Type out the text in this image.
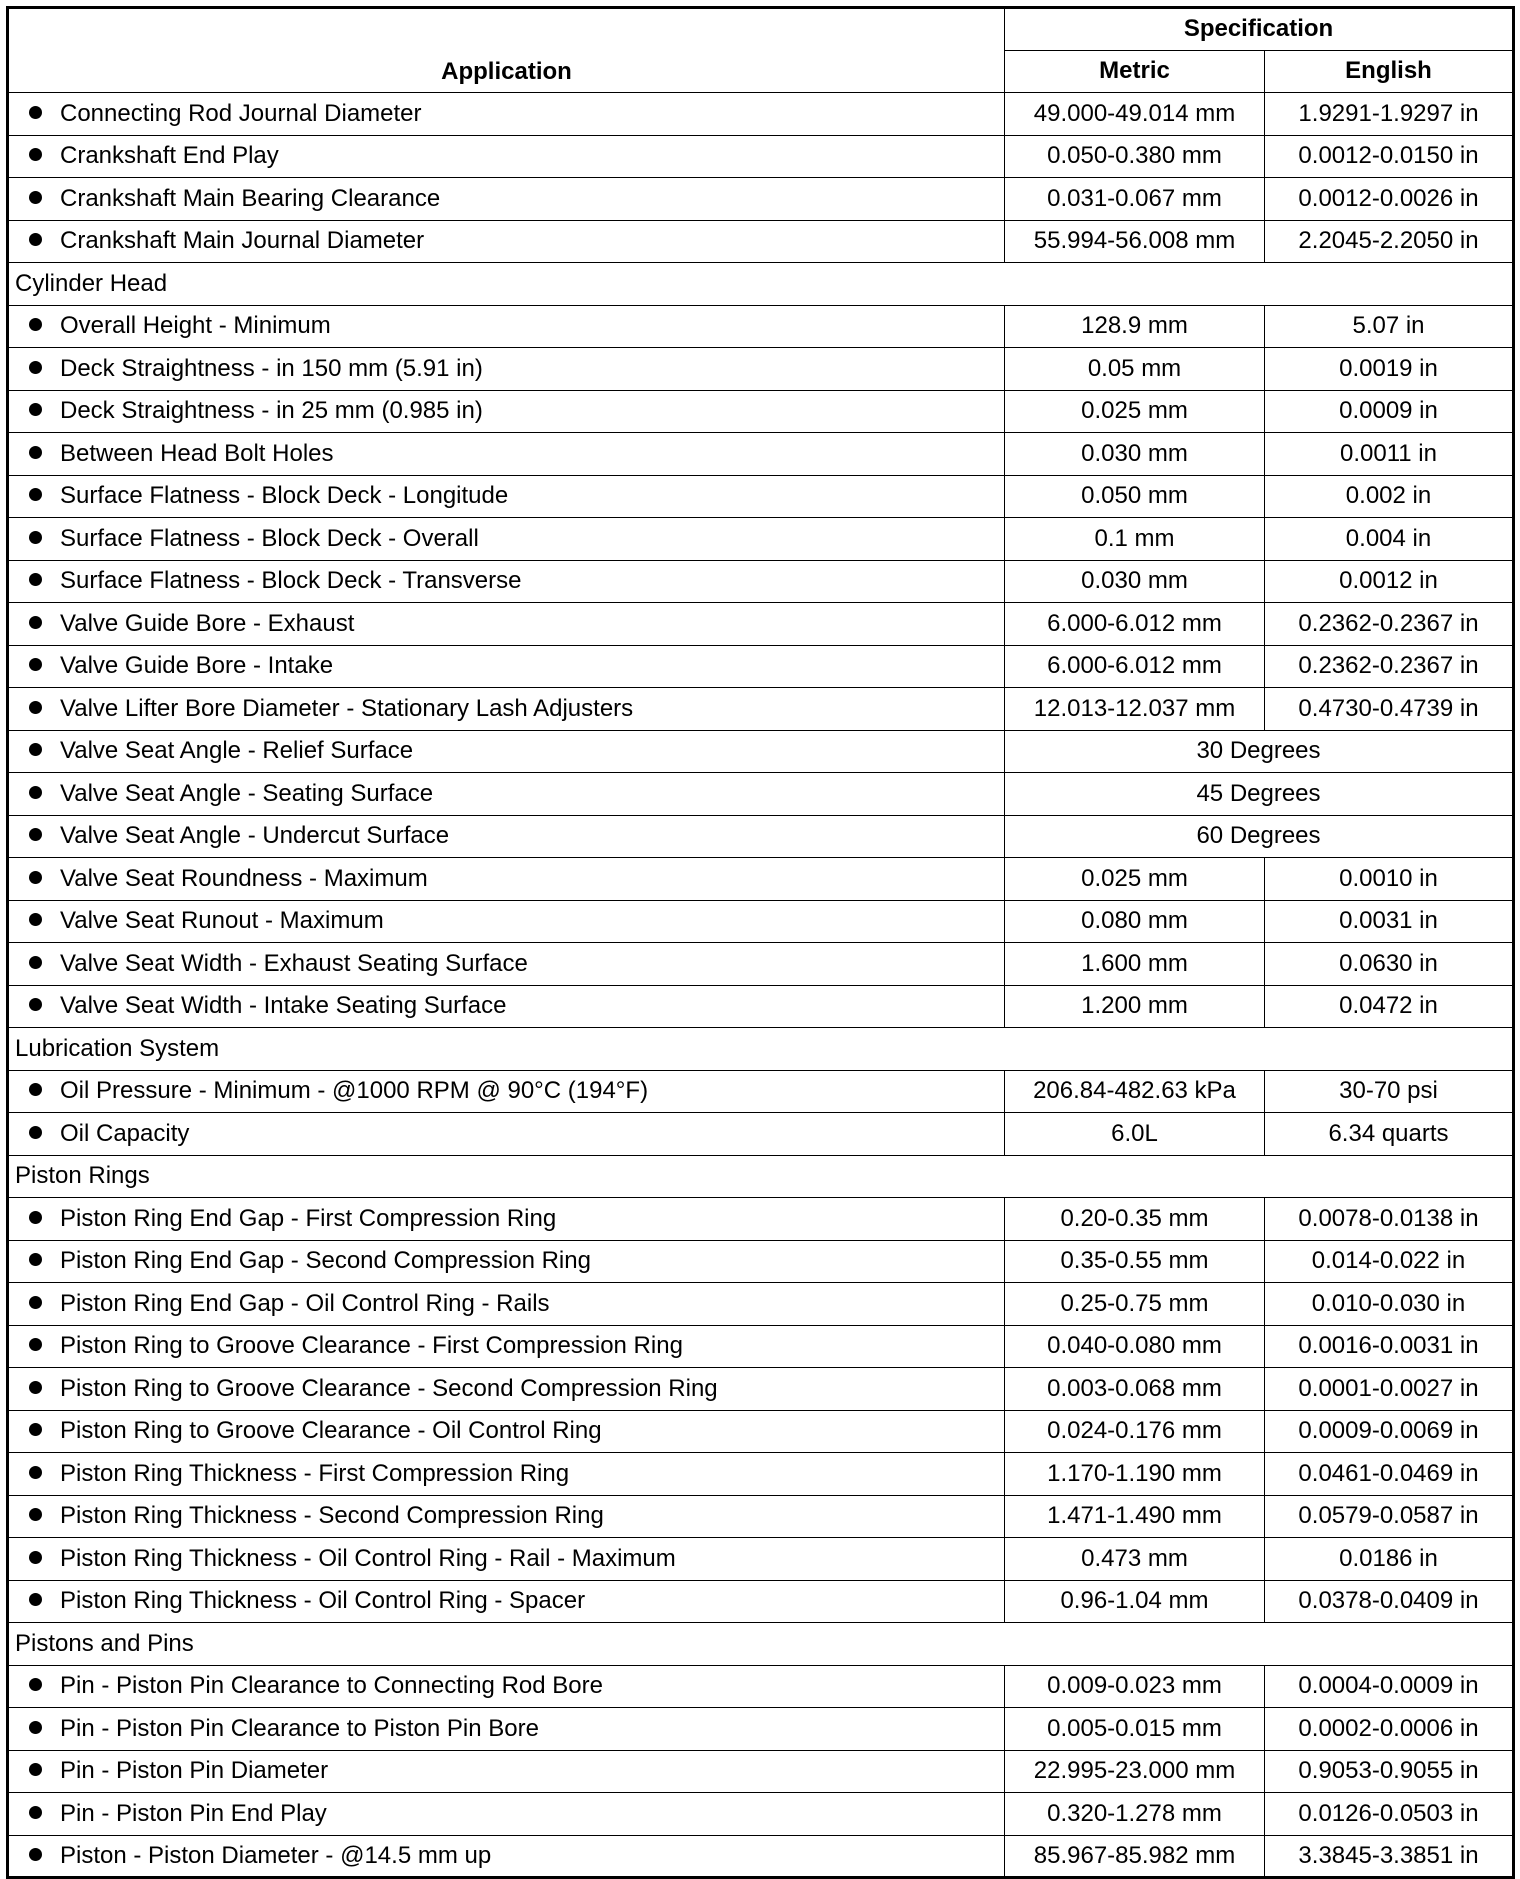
Application	Specification	
	Metric	English
Connecting Rod Journal Diameter	49.000-49.014 mm	1.9291-1.9297 in
Crankshaft End Play	0.050-0.380 mm	0.0012-0.0150 in
Crankshaft Main Bearing Clearance	0.031-0.067 mm	0.0012-0.0026 in
Crankshaft Main Journal Diameter	55.994-56.008 mm	2.2045-2.2050 in
Cylinder Head		
Overall Height - Minimum	128.9 mm	5.07 in
Deck Straightness - in 150 mm (5.91 in)	0.05 mm	0.0019 in
Deck Straightness - in 25 mm (0.985 in)	0.025 mm	0.0009 in
Between Head Bolt Holes	0.030 mm	0.0011 in
Surface Flatness - Block Deck - Longitude	0.050 mm	0.002 in
Surface Flatness - Block Deck - Overall	0.1 mm	0.004 in
Surface Flatness - Block Deck - Transverse	0.030 mm	0.0012 in
Valve Guide Bore - Exhaust	6.000-6.012 mm	0.2362-0.2367 in
Valve Guide Bore - Intake	6.000-6.012 mm	0.2362-0.2367 in
Valve Lifter Bore Diameter - Stationary Lash Adjusters	12.013-12.037 mm	0.4730-0.4739 in
Valve Seat Angle - Relief Surface	30 Degrees	
Valve Seat Angle - Seating Surface	45 Degrees	
Valve Seat Angle - Undercut Surface	60 Degrees	
Valve Seat Roundness - Maximum	0.025 mm	0.0010 in
Valve Seat Runout - Maximum	0.080 mm	0.0031 in
Valve Seat Width - Exhaust Seating Surface	1.600 mm	0.0630 in
Valve Seat Width - Intake Seating Surface	1.200 mm	0.0472 in
Lubrication System		
Oil Pressure - Minimum - @1000 RPM @ 90°C (194°F)	206.84-482.63 kPa	30-70 psi
Oil Capacity	6.0L	6.34 quarts
Piston Rings		
Piston Ring End Gap - First Compression Ring	0.20-0.35 mm	0.0078-0.0138 in
Piston Ring End Gap - Second Compression Ring	0.35-0.55 mm	0.014-0.022 in
Piston Ring End Gap - Oil Control Ring - Rails	0.25-0.75 mm	0.010-0.030 in
Piston Ring to Groove Clearance - First Compression Ring	0.040-0.080 mm	0.0016-0.0031 in
Piston Ring to Groove Clearance - Second Compression Ring	0.003-0.068 mm	0.0001-0.0027 in
Piston Ring to Groove Clearance - Oil Control Ring	0.024-0.176 mm	0.0009-0.0069 in
Piston Ring Thickness - First Compression Ring	1.170-1.190 mm	0.0461-0.0469 in
Piston Ring Thickness - Second Compression Ring	1.471-1.490 mm	0.0579-0.0587 in
Piston Ring Thickness - Oil Control Ring - Rail - Maximum	0.473 mm	0.0186 in
Piston Ring Thickness - Oil Control Ring - Spacer	0.96-1.04 mm	0.0378-0.0409 in
Pistons and Pins		
Pin - Piston Pin Clearance to Connecting Rod Bore	0.009-0.023 mm	0.0004-0.0009 in
Pin - Piston Pin Clearance to Piston Pin Bore	0.005-0.015 mm	0.0002-0.0006 in
Pin - Piston Pin Diameter	22.995-23.000 mm	0.9053-0.9055 in
Pin - Piston Pin End Play	0.320-1.278 mm	0.0126-0.0503 in
Piston - Piston Diameter - @14.5 mm up	85.967-85.982 mm	3.3845-3.3851 in
